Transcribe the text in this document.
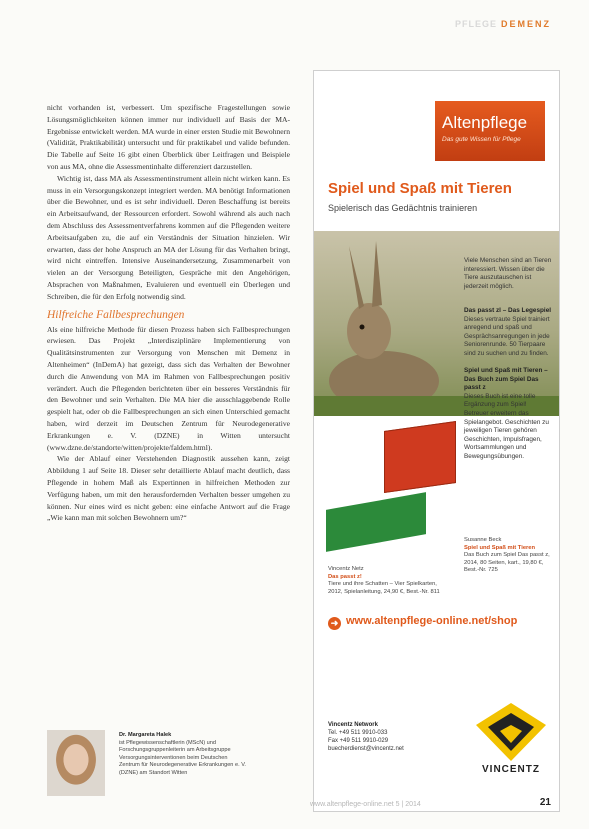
PFLEGE DEMENZ

nicht vorhanden ist, verbessert. Um spezifische Fragestellungen sowie Lösungsmöglichkeiten können immer nur individuell auf Basis der MA-Ergebnisse entwickelt werden. MA wurde in einer ersten Studie mit Bewohnern (Validität, Praktikabilität) untersucht und für praktikabel und valide befunden. Die Tabelle auf Seite 16 gibt einen Überblick über Leitfragen und Beispiele von aus MA, ohne die Assessmentinhalte differenziert darzustellen.

Wichtig ist, dass MA als Assessmentinstrument allein nicht wirken kann. Es muss in ein Versorgungskonzept integriert werden. MA benötigt Informationen über die Bewohner, und es ist sehr individuell. Deren Beschaffung ist bereits ein Arbeitsaufwand, der Ressourcen erfordert. Sowohl während als auch nach dem Abschluss des Assessmentverfahrens kommen auf die Pflegenden weitere Arbeitsaufgaben zu, die auf ein Verständnis der Situation hinzielen. Wir erwarten, dass der hohe Anspruch an MA der Lösung für das Verhalten bringt, wird nicht eintreffen. Intensive Auseinandersetzung, Zusammenarbeit von vielen an der Versorgung Beteiligten, Gespräche mit den Angehörigen, Absprachen von Maßnahmen, Evaluieren und eventuell ein Überlegen und Schreiben, die für den Erfolg notwendig sind.

Hilfreiche Fallbesprechungen

Als eine hilfreiche Methode für diesen Prozess haben sich Fallbesprechungen erwiesen. Das Projekt „Interdisziplinäre Implementierung von Qualitätsinstrumenten zur Versorgung von Menschen mit Demenz in Altenheimen“ (InDemA) hat gezeigt, dass sich das Verhalten der Bewohner durch die Anwendung von MA im Rahmen von Fallbesprechungen positiv verändert. Auch die Pflegenden berichteten über ein besseres Verständnis für den Bewohner und sein Verhalten. Die MA hier die ausschlaggebende Rolle gespielt hat, oder ob die Fallbesprechungen an sich einen Unterschied gemacht haben, wird derzeit im Deutschen Zentrum für Neurodegenerative Erkrankungen e. V. (DZNE) in Witten untersucht (www.dzne.de/standorte/witten/projekte/faldem.html).

Wie der Ablauf einer Verstehenden Diagnostik aussehen kann, zeigt Abbildung 1 auf Seite 18. Dieser sehr detaillierte Ablauf macht deutlich, dass Pflegende in hohem Maß als Expertinnen in hilfreichen Methoden zur Verfügung haben, um mit den herausfordernden Verhalten besser umgehen zu können. Nur eines wird es nicht geben: eine einfache Antwort auf die Frage „Wie kann man mit solchen Bewohnern um?“

Altenpflege
Das gute Wissen für Pflege
Spiel und Spaß mit Tieren
Spielerisch das Gedächtnis trainieren
Viele Menschen sind an Tieren interessiert. Wissen über die Tiere auszutauschen ist jederzeit möglich.
Das passt zl – Das Legespiel
Dieses vertraute Spiel trainiert anregend und spaß und Gesprächsanregungen in jede Seniorenrunde. 50 Tierpaare sind zu suchen und zu finden.
Spiel und Spaß mit Tieren – Das Buch zum Spiel Das passt z
Dieses Buch ist eine tolle Ergänzung zum Spiel! Betreuer erweitern das Spielangebot. Geschichten zu jeweiligen Tieren gehören Geschichten, Impulsfragen, Wortsammlungen und Bewegungsübungen.
Susanne Beck
Spiel und Spaß mit Tieren
Das Buch zum Spiel Das passt z, 2014, 80 Seiten, kart., 19,80 €, Best.-Nr. 725
Vincentz Netz
Das passt z!
Tiere und ihre Schatten – Vier Spielkarten, 2012, Spielanleitung, 24,90 €, Best.-Nr. 811
➜ www.altenpflege-online.net/shop
Vincentz Network
Tel. +49 511 9910-033
Fax +49 511 9910-029
buecherdienst@vincentz.net
VINCENTZ
Dr. Margareta Halek
ist Pflegewissenschaftlerin (MScN) und Forschungsgruppenleiterin am Arbeitsgruppe Versorgungsinterventionen beim Deutschen Zentrum für Neurodegenerative Erkrankungen e. V. (DZNE) am Standort Witten
www.altenpflege-online.net 5 | 2014	21
